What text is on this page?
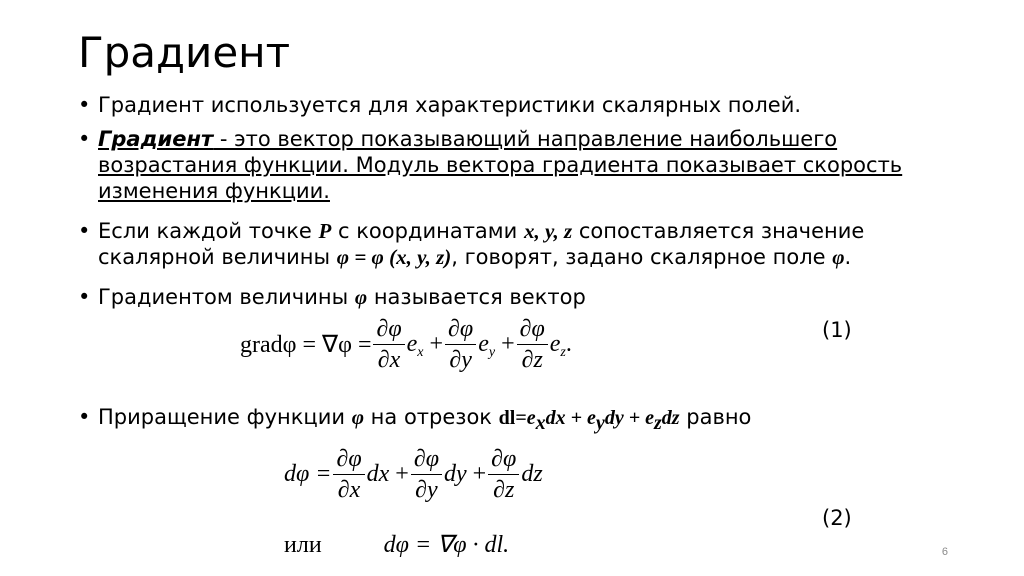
Градиент
• Градиент используется для характеристики скалярных полей.
• Градиент - это вектор показывающий направление наибольшего возрастания функции. Модуль вектора градиента показывает скорость изменения функции.
• Если каждой точке P с координатами x, y, z сопоставляется значение скалярной величины φ = φ (x, y, z), говорят, задано скалярное поле φ.
• Градиентом величины φ называется вектор
• Приращение функции φ на отрезок $dl=e_xdx + e_ydy + e_zdz$ равно
gradφ = $\nabla\varphi = \frac{\partial\varphi}{\partial x}$ e $x + \frac{\partial\varphi}{\partial y}$ e $y + \frac{\partial\varphi}{\partial z}$ e z .
(1)
$d\varphi = \frac{\partial\varphi}{\partial x}$ dx + $\frac{\partial\varphi}{\partial y}$ dy + $\frac{\partial\varphi}{\partial z}$ dz
или	dφ = ∇φ · dl.
(2)
6
